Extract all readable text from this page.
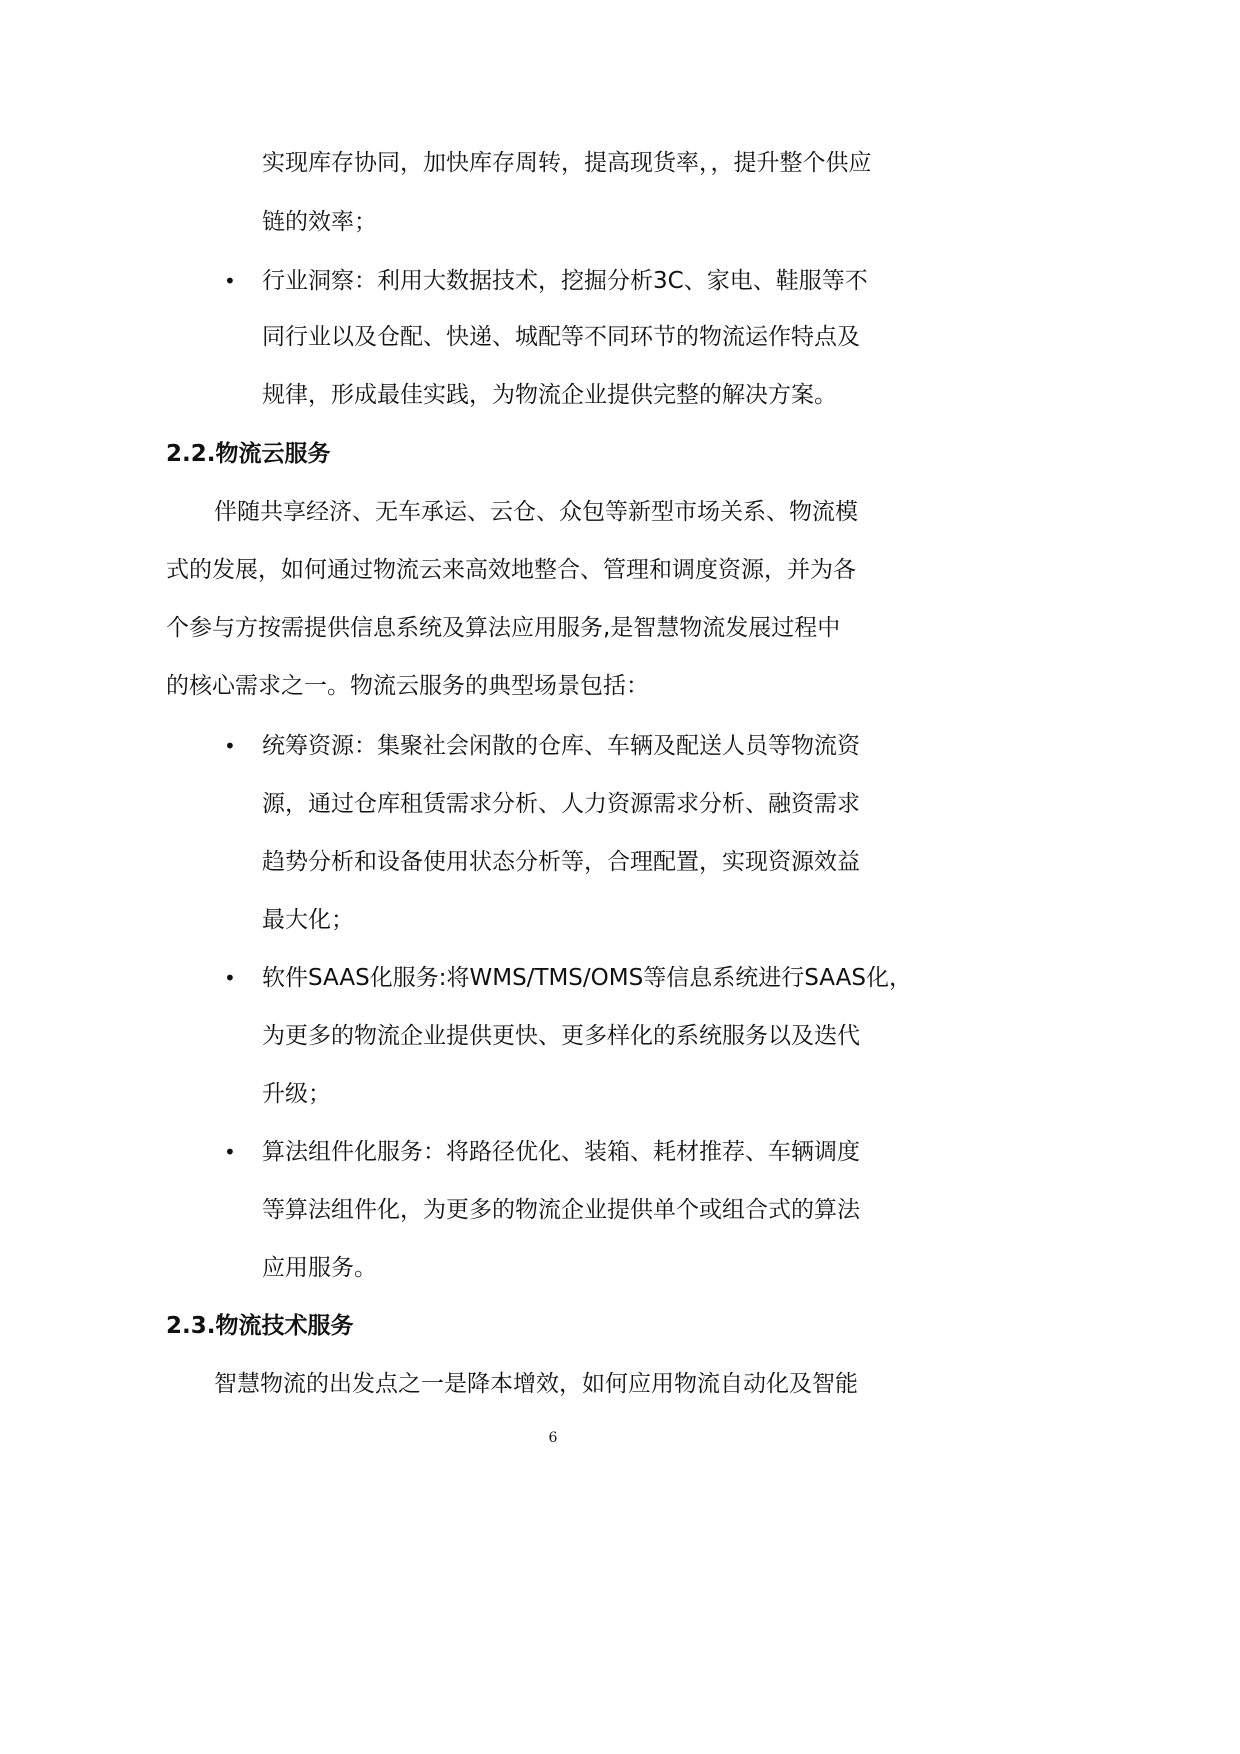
实现库存协同，加快库存周转，提高现货率，，提升整个供应
链的效率；
• 行业洞察：利用大数据技术，挖掘分析3C、家电、鞋服等不
同行业以及仓配、快递、城配等不同环节的物流运作特点及
规律，形成最佳实践，为物流企业提供完整的解决方案。
2.2.物流云服务
伴随共享经济、无车承运、云仓、众包等新型市场关系、物流模
式的发展，如何通过物流云来高效地整合、管理和调度资源，并为各
个参与方按需提供信息系统及算法应用服务,是智慧物流发展过程中
的核心需求之一。物流云服务的典型场景包括：
• 统筹资源：集聚社会闲散的仓库、车辆及配送人员等物流资
源，通过仓库租赁需求分析、人力资源需求分析、融资需求
趋势分析和设备使用状态分析等，合理配置，实现资源效益
最大化；
• 软件SAAS化服务:将WMS/TMS/OMS等信息系统进行SAAS化，
为更多的物流企业提供更快、更多样化的系统服务以及迭代
升级；
• 算法组件化服务：将路径优化、装箱、耗材推荐、车辆调度
等算法组件化，为更多的物流企业提供单个或组合式的算法
应用服务。
2.3.物流技术服务
智慧物流的出发点之一是降本增效，如何应用物流自动化及智能
6
